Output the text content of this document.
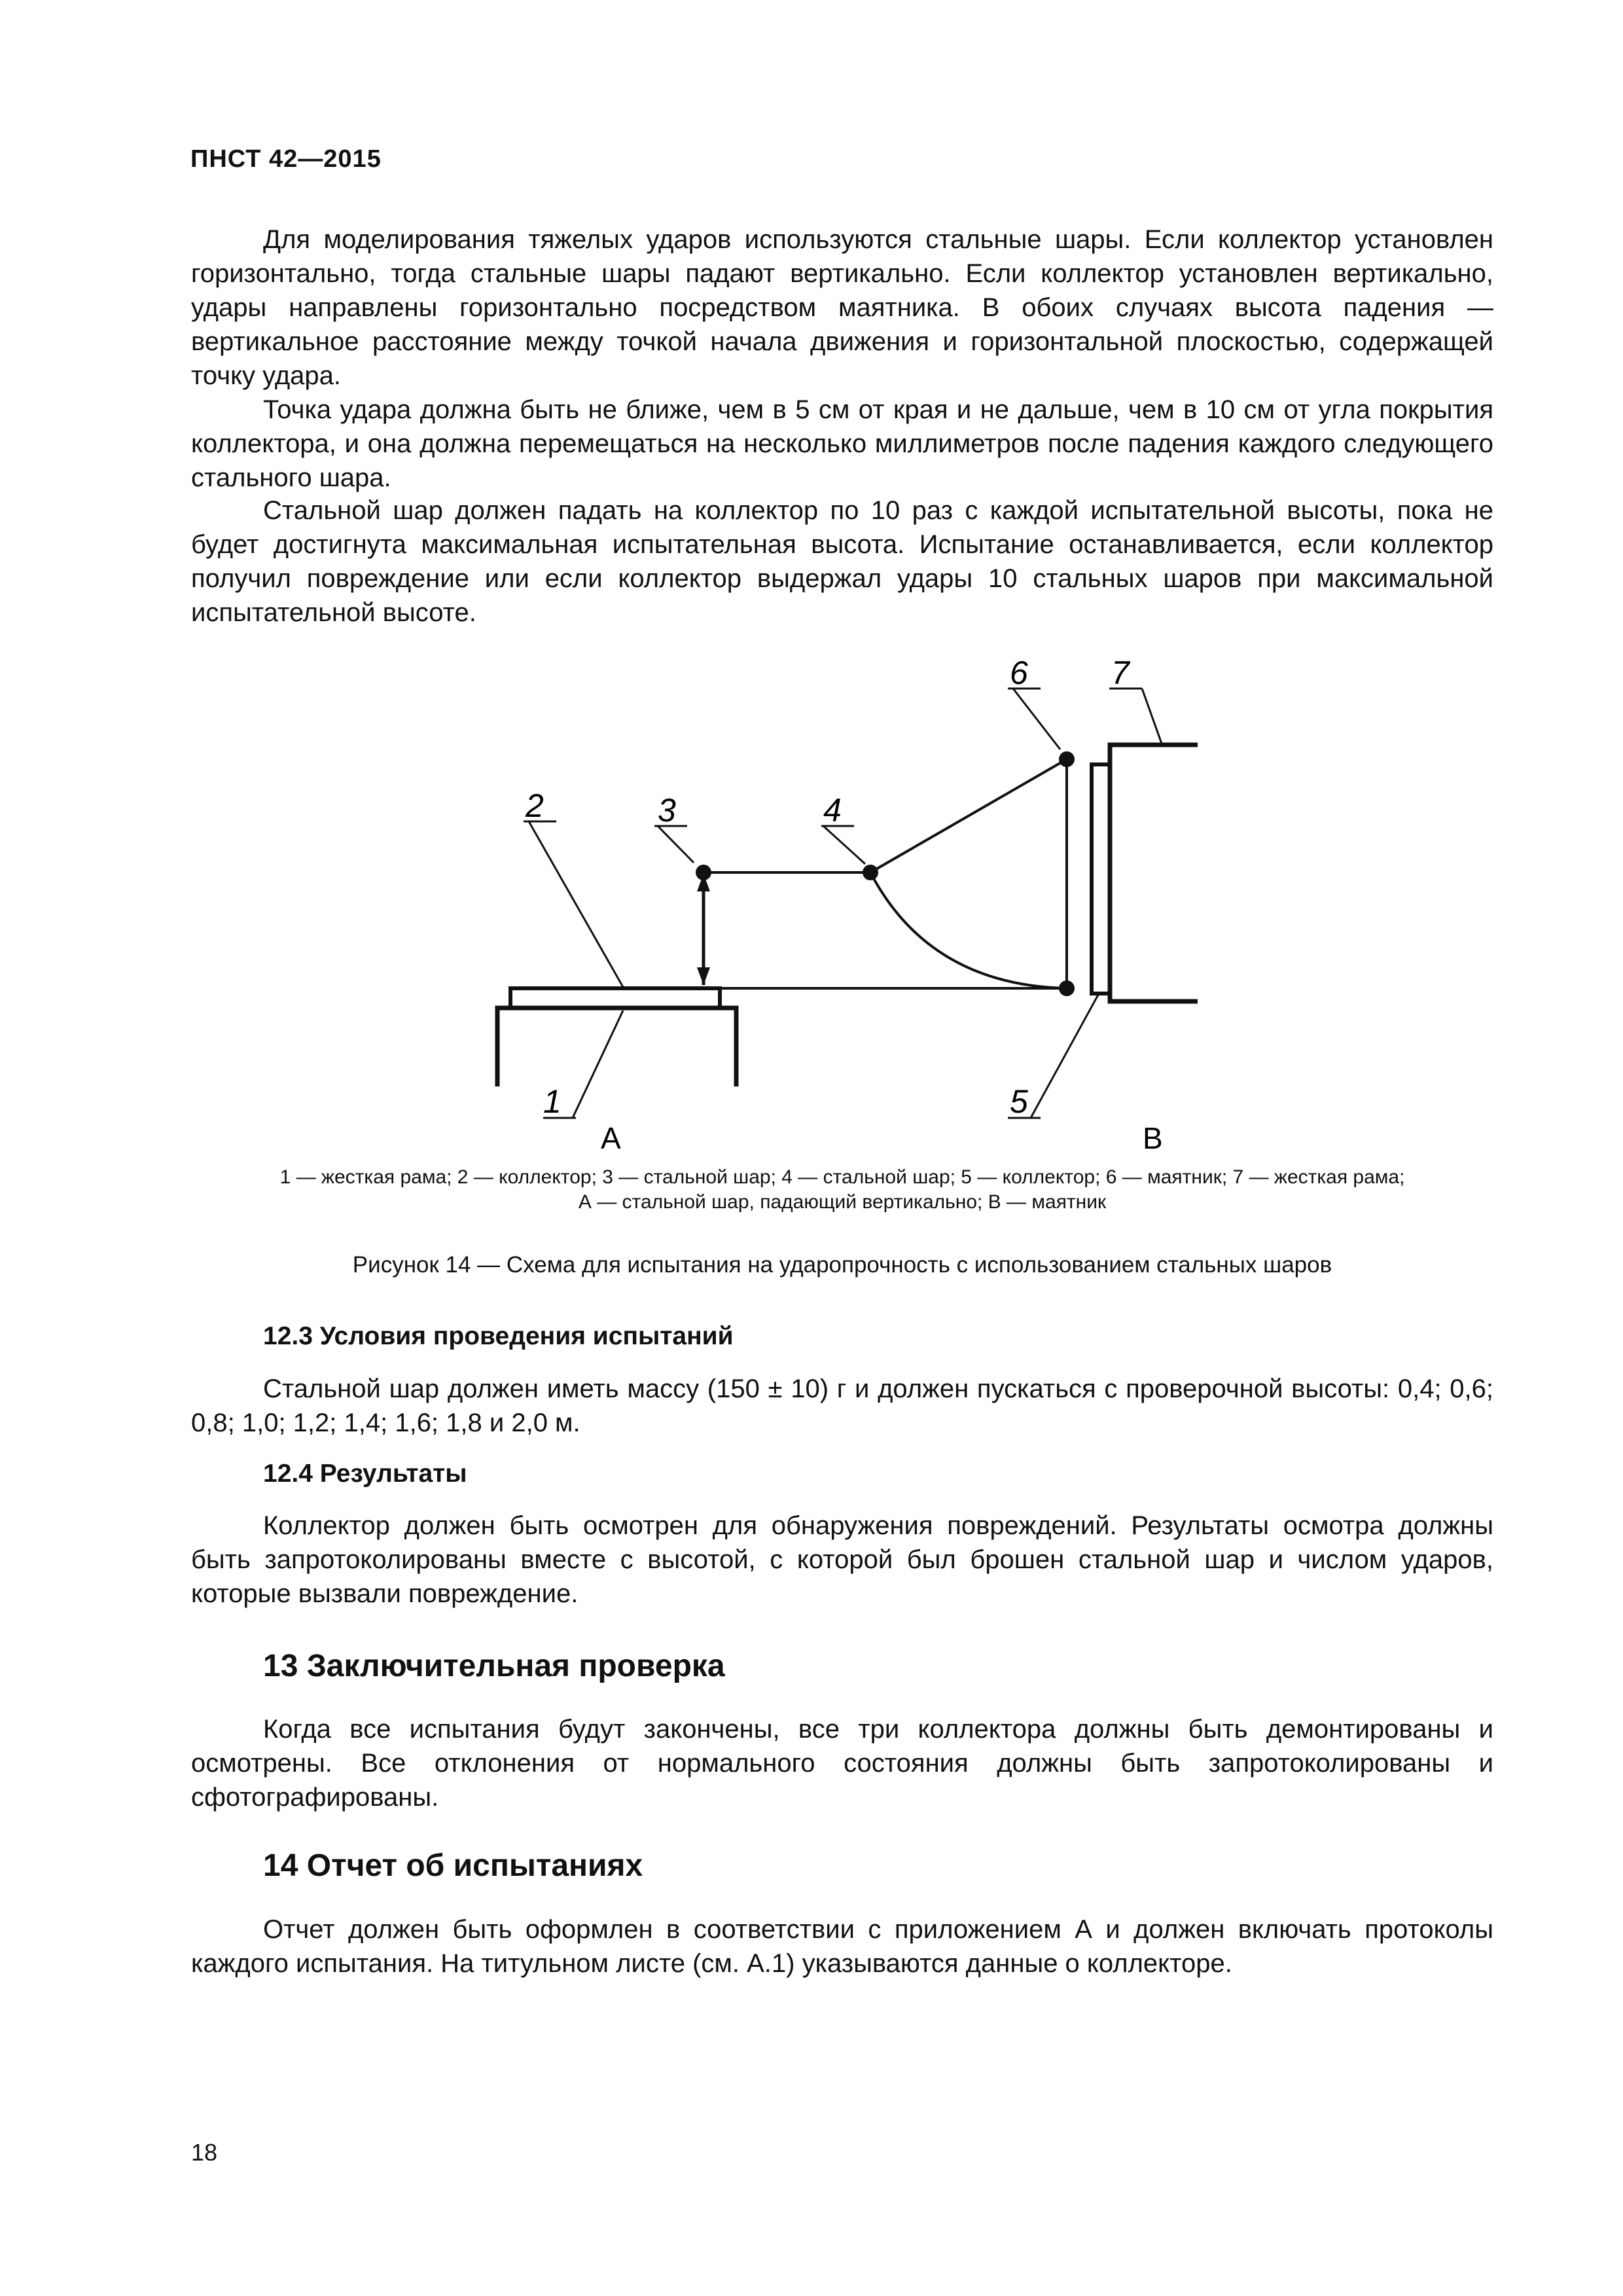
ПНСТ 42—2015

Для моделирования тяжелых ударов используются стальные шары. Если коллектор установлен горизонтально, тогда стальные шары падают вертикально. Если коллектор установлен вертикально, удары направлены горизонтально посредством маятника. В обоих случаях высота падения — вертикальное расстояние между точкой начала движения и горизонтальной плоскостью, содержащей точку удара.

Точка удара должна быть не ближе, чем в 5 см от края и не дальше, чем в 10 см от угла покрытия коллектора, и она должна перемещаться на несколько миллиметров после падения каждого следующего стального шара.

Стальной шар должен падать на коллектор по 10 раз с каждой испытательной высоты, пока не будет достигнута максимальная испытательная высота. Испытание останавливается, если коллектор получил повреждение или если коллектор выдержал удары 10 стальных шаров при максимальной испытательной высоте.

1
2	3	4
5
6	7
А	В
1 — жесткая рама; 2 — коллектор; 3 — стальной шар; 4 — стальной шар; 5 — коллектор; 6 — маятник; 7 — жесткая рама;
А — стальной шар, падающий вертикально; В — маятник
Рисунок 14 — Схема для испытания на ударопрочность с использованием стальных шаров
12.3 Условия проведения испытаний

Стальной шар должен иметь массу (150 ± 10) г и должен пускаться с проверочной высоты: 0,4; 0,6; 0,8; 1,0; 1,2; 1,4; 1,6; 1,8 и 2,0 м.

12.4 Результаты

Коллектор должен быть осмотрен для обнаружения повреждений. Результаты осмотра должны быть запротоколированы вместе с высотой, с которой был брошен стальной шар и числом ударов, которые вызвали повреждение.

13 Заключительная проверка

Когда все испытания будут закончены, все три коллектора должны быть демонтированы и осмотрены. Все отклонения от нормального состояния должны быть запротоколированы и сфотографированы.

14 Отчет об испытаниях

Отчет должен быть оформлен в соответствии с приложением А и должен включать протоколы каждого испытания. На титульном листе (см. А.1) указываются данные о коллекторе.

18
